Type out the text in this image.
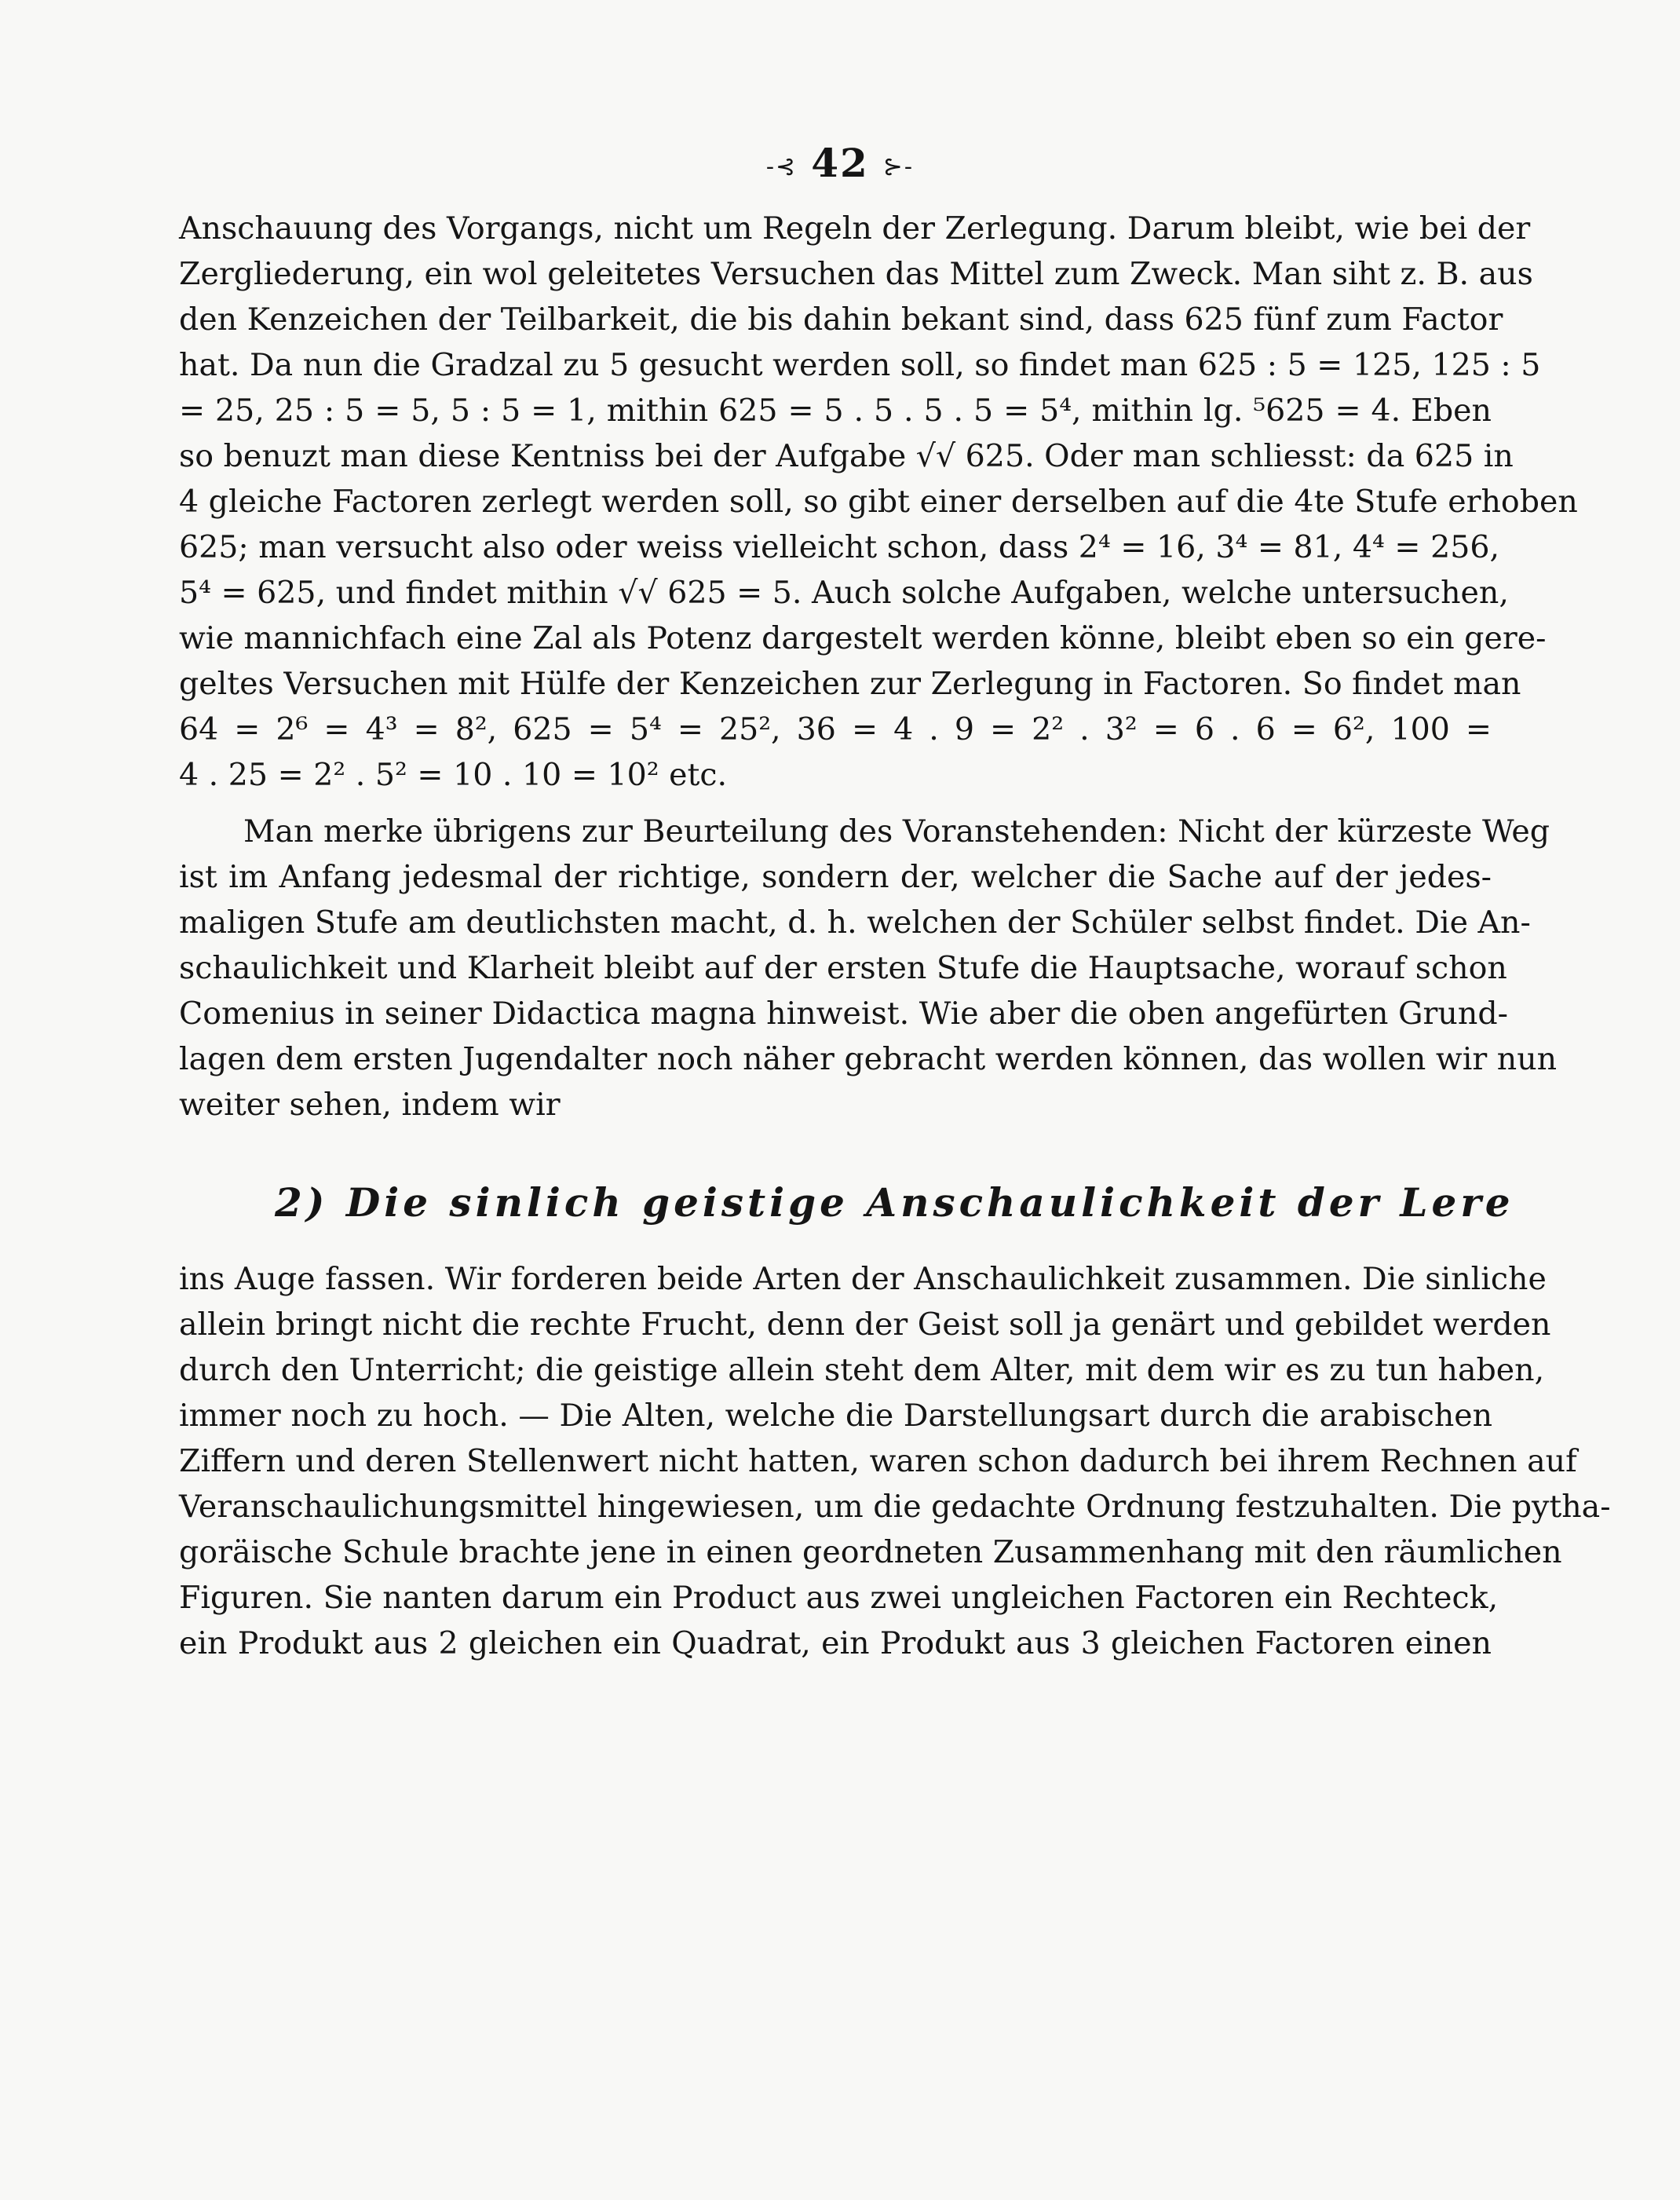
-⊰ 42 ⊱-
Anschauung des Vorgangs, nicht um Regeln der Zerlegung. Darum bleibt, wie bei der
Zergliederung, ein wol geleitetes Versuchen das Mittel zum Zweck. Man siht z. B. aus
den Kenzeichen der Teilbarkeit, die bis dahin bekant sind, dass 625 fünf zum Factor
hat. Da nun die Gradzal zu 5 gesucht werden soll, so findet man 625 : 5 = 125, 125 : 5
= 25, 25 : 5 = 5, 5 : 5 = 1, mithin 625 = 5 . 5 . 5 . 5 = 5⁴, mithin lg. ⁵625 = 4. Eben
so benuzt man diese Kentniss bei der Aufgabe √√ 625. Oder man schliesst: da 625 in
4 gleiche Factoren zerlegt werden soll, so gibt einer derselben auf die 4te Stufe erhoben
625; man versucht also oder weiss vielleicht schon, dass 2⁴ = 16, 3⁴ = 81, 4⁴ = 256,
5⁴ = 625, und findet mithin √√ 625 = 5. Auch solche Aufgaben, welche untersuchen,
wie mannichfach eine Zal als Potenz dargestelt werden könne, bleibt eben so ein gere-
geltes Versuchen mit Hülfe der Kenzeichen zur Zerlegung in Factoren. So findet man
64 = 2⁶ = 4³ = 8², 625 = 5⁴ = 25², 36 = 4 . 9 = 2² . 3² = 6 . 6 = 6², 100 =
4 . 25 = 2² . 5² = 10 . 10 = 10² etc.
Man merke übrigens zur Beurteilung des Voranstehenden: Nicht der kürzeste Weg
ist im Anfang jedesmal der richtige, sondern der, welcher die Sache auf der jedes-
maligen Stufe am deutlichsten macht, d. h. welchen der Schüler selbst findet. Die An-
schaulichkeit und Klarheit bleibt auf der ersten Stufe die Hauptsache, worauf schon
Comenius in seiner Didactica magna hinweist. Wie aber die oben angefürten Grund-
lagen dem ersten Jugendalter noch näher gebracht werden können, das wollen wir nun
weiter sehen, indem wir
2) Die sinlich geistige Anschaulichkeit der Lere
ins Auge fassen. Wir forderen beide Arten der Anschaulichkeit zusammen. Die sinliche
allein bringt nicht die rechte Frucht, denn der Geist soll ja genärt und gebildet werden
durch den Unterricht; die geistige allein steht dem Alter, mit dem wir es zu tun haben,
immer noch zu hoch. — Die Alten, welche die Darstellungsart durch die arabischen
Ziffern und deren Stellenwert nicht hatten, waren schon dadurch bei ihrem Rechnen auf
Veranschaulichungsmittel hingewiesen, um die gedachte Ordnung festzuhalten. Die pytha-
goräische Schule brachte jene in einen geordneten Zusammenhang mit den räumlichen
Figuren. Sie nanten darum ein Product aus zwei ungleichen Factoren ein Rechteck,
ein Produkt aus 2 gleichen ein Quadrat, ein Produkt aus 3 gleichen Factoren einen
